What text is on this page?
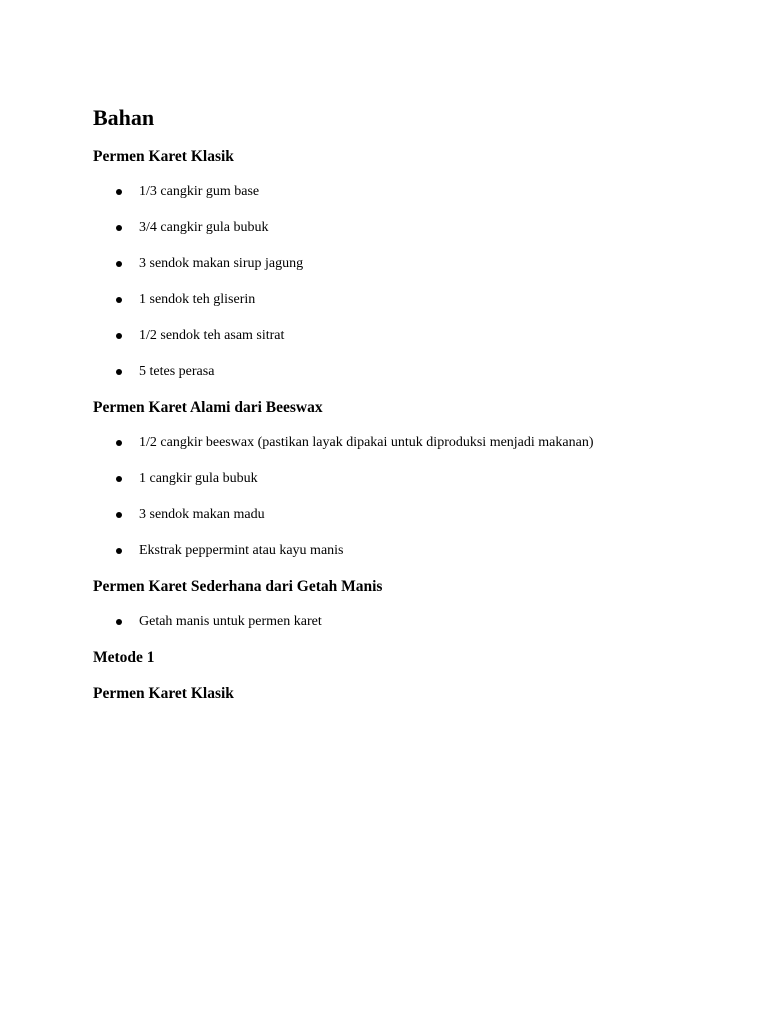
Bahan
Permen Karet Klasik
1/3 cangkir gum base
3/4 cangkir gula bubuk
3 sendok makan sirup jagung
1 sendok teh gliserin
1/2 sendok teh asam sitrat
5 tetes perasa
Permen Karet Alami dari Beeswax
1/2 cangkir beeswax (pastikan layak dipakai untuk diproduksi menjadi makanan)
1 cangkir gula bubuk
3 sendok makan madu
Ekstrak peppermint atau kayu manis
Permen Karet Sederhana dari Getah Manis
Getah manis untuk permen karet
Metode 1
Permen Karet Klasik
